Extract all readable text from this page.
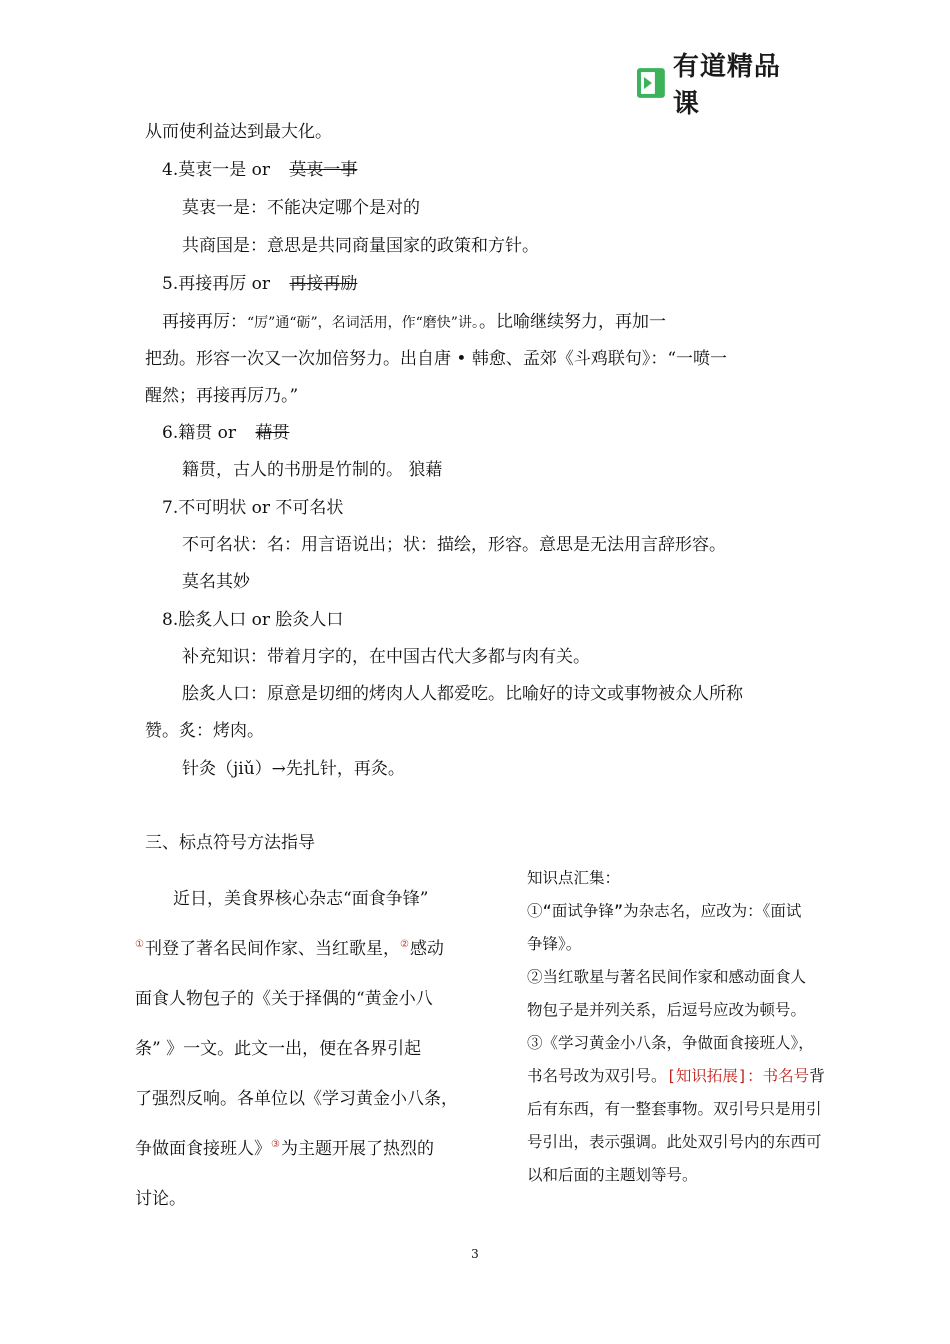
有道精品课
从而使利益达到最大化。
4.莫衷一是 or 莫衷一事
莫衷一是：不能决定哪个是对的
共商国是：意思是共同商量国家的政策和方针。
5.再接再厉 or 再接再励
再接再厉：“厉”通“砺”，名词活用，作“磨快”讲。。比喻继续努力，再加一
把劲。形容一次又一次加倍努力。出自唐 • 韩愈、孟郊《斗鸡联句》：“一喷一
醒然；再接再厉乃。”
6.籍贯 or 藉贯
籍贯，古人的书册是竹制的。 狼藉
7.不可明状 or 不可名状
不可名状：名：用言语说出；状：描绘，形容。意思是无法用言辞形容。
莫名其妙
8.脍炙人口 or 脍灸人口
补充知识：带着月字的，在中国古代大多都与肉有关。
脍炙人口：原意是切细的烤肉人人都爱吃。比喻好的诗文或事物被众人所称
赞。炙：烤肉。
针灸（jiǔ）→先扎针，再灸。
三、标点符号方法指导
近日，美食界核心杂志“面食争锋”
①刊登了著名民间作家、当红歌星，②感动
面食人物包子的《关于择偶的“黄金小八
条” 》一文。此文一出，便在各界引起
了强烈反响。各单位以《学习黄金小八条，
争做面食接班人》③为主题开展了热烈的
讨论。
知识点汇集：
①“面试争锋”为杂志名，应改为：《面试
争锋》。
②当红歌星与著名民间作家和感动面食人
物包子是并列关系，后逗号应改为顿号。
③《学习黄金小八条，争做面食接班人》，
书名号改为双引号。[知识拓展]：书名号背
后有东西，有一整套事物。双引号只是用引
号引出，表示强调。此处双引号内的东西可
以和后面的主题划等号。
3
